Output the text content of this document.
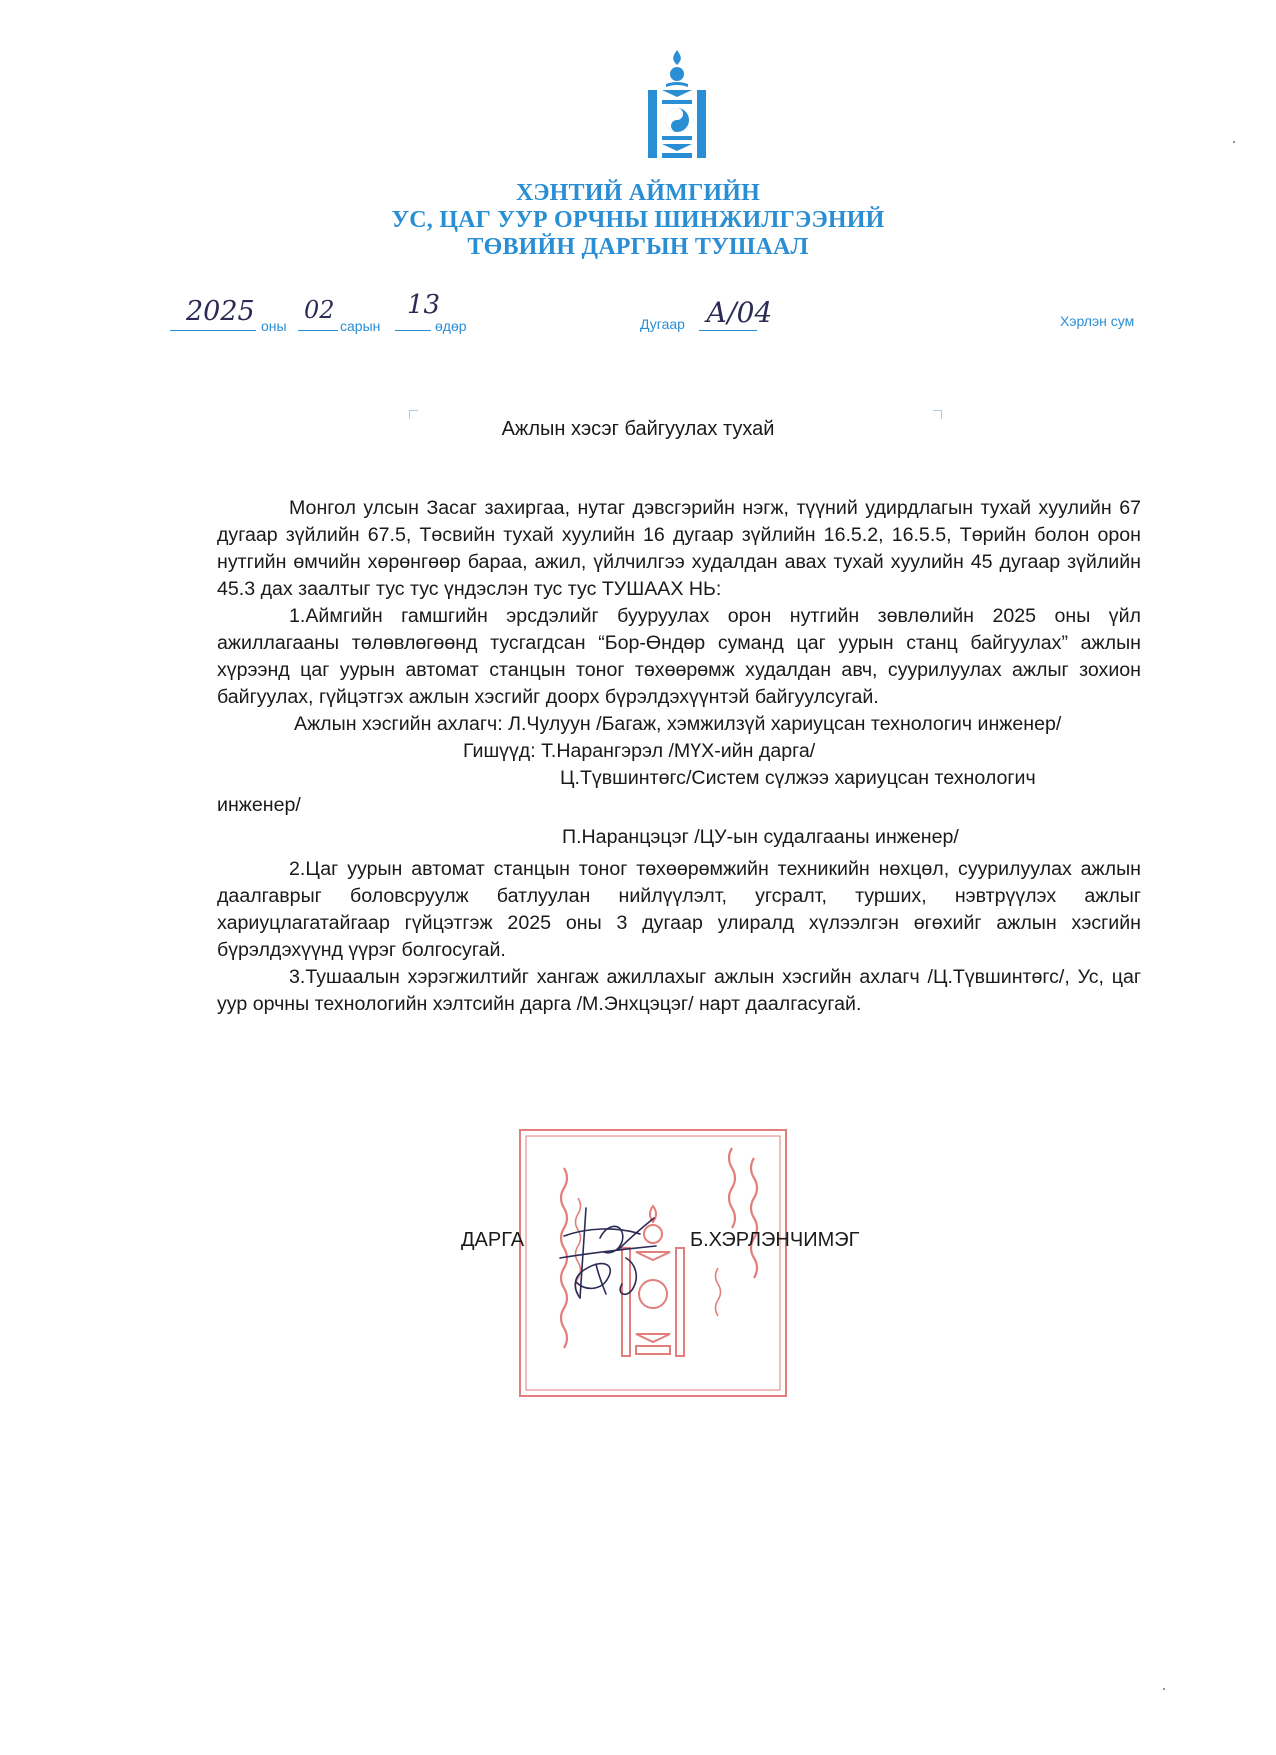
ХЭНТИЙ АЙМГИЙН
УС, ЦАГ УУР ОРЧНЫ ШИНЖИЛГЭЭНИЙ
ТӨВИЙН ДАРГЫН ТУШААЛ
2025 оны
02
сарын
13
өдөр	Дугаар А/04	Хэрлэн сум
Ажлын хэсэг байгуулах тухай

Монгол улсын Засаг захиргаа, нутаг дэвсгэрийн нэгж, түүний удирдлагын тухай хуулийн 67 дугаар зүйлийн 67.5, Төсвийн тухай хуулийн 16 дугаар зүйлийн 16.5.2, 16.5.5, Төрийн болон орон нутгийн өмчийн хөрөнгөөр бараа, ажил, үйлчилгээ худалдан авах тухай хуулийн 45 дугаар зүйлийн 45.3 дах заалтыг тус тус үндэслэн тус тус ТУШААХ НЬ:

1.Аймгийн гамшгийн эрсдэлийг бууруулах орон нутгийн зөвлөлийн 2025 оны үйл ажиллагааны төлөвлөгөөнд тусгагдсан “Бор-Өндөр суманд цаг уурын станц байгуулах” ажлын хүрээнд цаг уурын автомат станцын тоног төхөөрөмж худалдан авч, суурилуулах ажлыг зохион байгуулах, гүйцэтгэх ажлын хэсгийг доорх бүрэлдэхүүнтэй байгуулсугай.

Ажлын хэсгийн ахлагч: Л.Чулуун /Багаж, хэмжилзүй хариуцсан технологич инженер/

Гишүүд: Т.Нарангэрэл /МҮХ-ийн дарга/

Ц.Түвшинтөгс/Систем сүлжээ хариуцсан технологич

инженер/

П.Наранцэцэг /ЦУ-ын судалгааны инженер/

2.Цаг уурын автомат станцын тоног төхөөрөмжийн техникийн нөхцөл, суурилуулах ажлын даалгаврыг боловсруулж батлуулан нийлүүлэлт, угсралт, турших, нэвтрүүлэх ажлыг хариуцлагатайгаар гүйцэтгэж 2025 оны 3 дугаар улиралд хүлээлгэн өгөхийг ажлын хэсгийн бүрэлдэхүүнд үүрэг болгосугай.

3.Тушаалын хэрэгжилтийг хангаж ажиллахыг ажлын хэсгийн ахлагч /Ц.Түвшинтөгс/, Ус, цаг уур орчны технологийн хэлтсийн дарга /М.Энхцэцэг/ нарт даалгасугай.

ДАРГА	Б.ХЭРЛЭНЧИМЭГ
